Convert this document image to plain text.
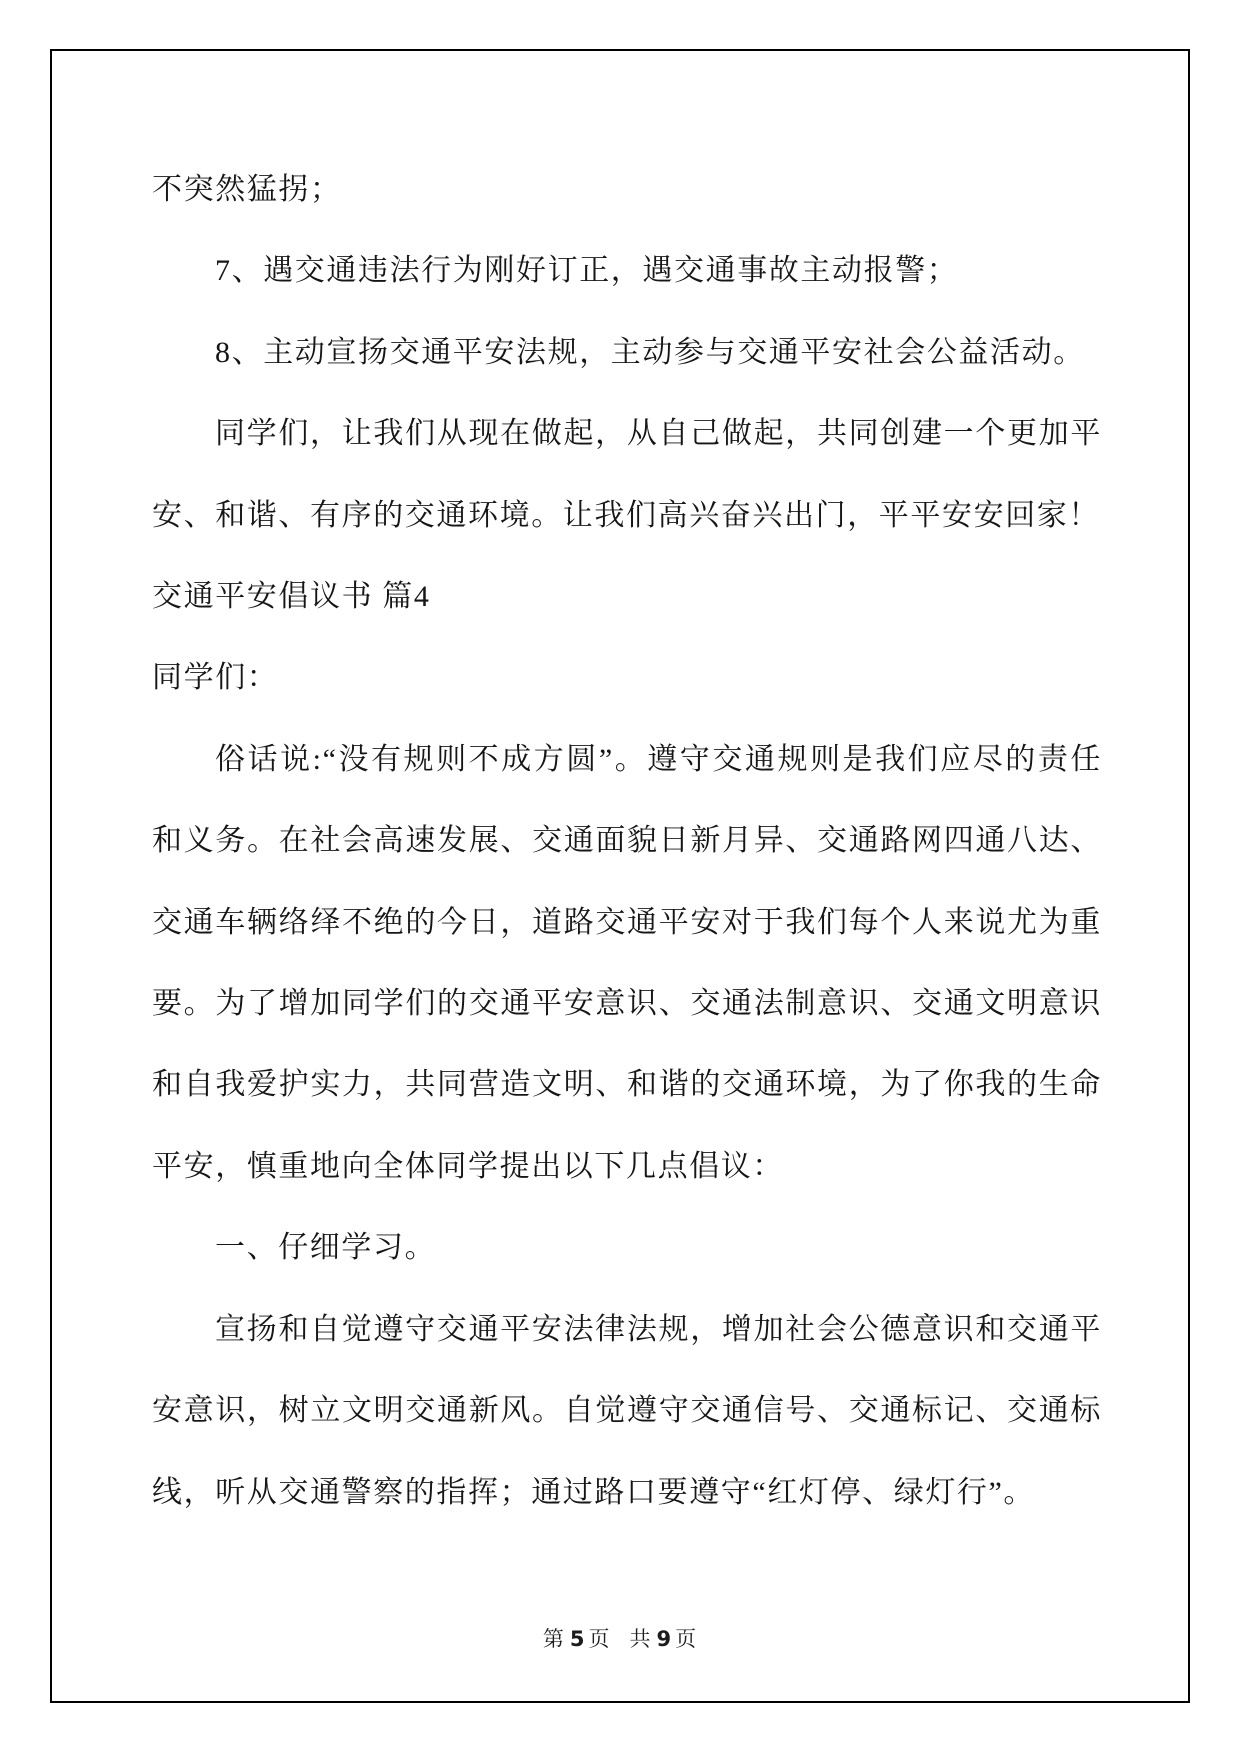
不突然猛拐；
7、遇交通违法行为刚好订正，遇交通事故主动报警；
8、主动宣扬交通平安法规，主动参与交通平安社会公益活动。
同学们，让我们从现在做起，从自己做起，共同创建一个更加平
安、和谐、有序的交通环境。让我们高兴奋兴出门，平平安安回家！
交通平安倡议书 篇4
同学们：
俗话说:“没有规则不成方圆”。遵守交通规则是我们应尽的责任
和义务。在社会高速发展、交通面貌日新月异、交通路网四通八达、
交通车辆络绎不绝的今日，道路交通平安对于我们每个人来说尤为重
要。为了增加同学们的交通平安意识、交通法制意识、交通文明意识
和自我爱护实力，共同营造文明、和谐的交通环境，为了你我的生命
平安，慎重地向全体同学提出以下几点倡议：
一、仔细学习。
宣扬和自觉遵守交通平安法律法规，增加社会公德意识和交通平
安意识，树立文明交通新风。自觉遵守交通信号、交通标记、交通标
线，听从交通警察的指挥；通过路口要遵守“红灯停、绿灯行”。
第 5 页 共 9 页
